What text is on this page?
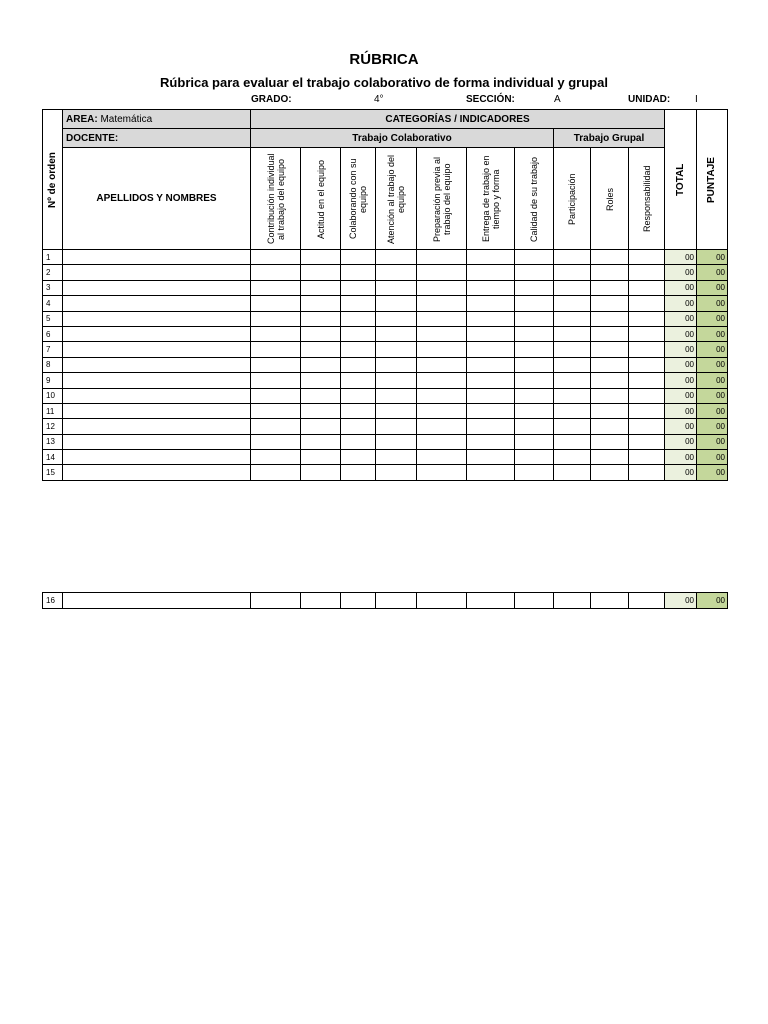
RÚBRICA
Rúbrica para evaluar el trabajo colaborativo de forma individual y grupal
GRADO:	4°	SECCIÓN:	A	UNIDAD: I
Nº de orden	AREA: Matemática	CATEGORÍAS / INDICADORES										TOTAL	PUNTAJE

	DOCENTE:	Trabajo Colaborativo							Trabajo Grupal				
	APELLIDOS Y NOMBRES	Contribución individual al trabajo del equipo	Actitud en el equipo	Colaborando con su equipo	Atención al trabajo del equipo	Preparación previa al trabajo del equipo	Entrega de trabajo en tiempo y forma	Calidad de su trabajo	Participación	Roles	Responsabilidad		

1												00	00
2												00	00
3												00	00
4												00	00
5												00	00
6												00	00
7												00	00
8												00	00
9												00	00
10												00	00
11												00	00
12												00	00
13												00	00
14												00	00
15												00	00
16												00	00
